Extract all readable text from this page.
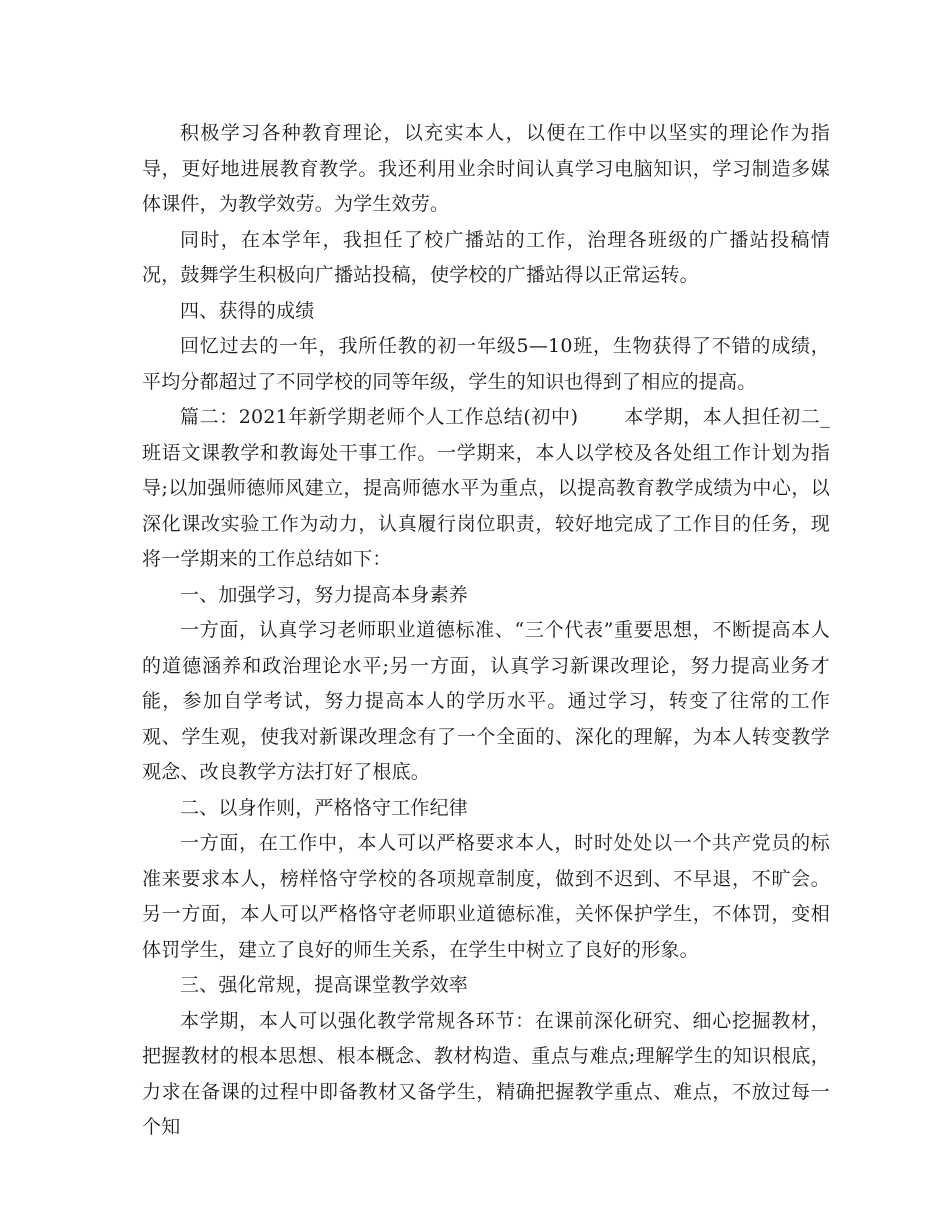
积极学习各种教育理论，以充实本人，以便在工作中以坚实的理论作为指导，更好地进展教育教学。我还利用业余时间认真学习电脑知识，学习制造多媒体课件，为教学效劳。为学生效劳。

同时，在本学年，我担任了校广播站的工作，治理各班级的广播站投稿情况，鼓舞学生积极向广播站投稿，使学校的广播站得以正常运转。

四、获得的成绩

回忆过去的一年，我所任教的初一年级5—10班，生物获得了不错的成绩，平均分都超过了不同学校的同等年级，学生的知识也得到了相应的提高。

篇二：2021年新学期老师个人工作总结(初中)　　 本学期，本人担任初二_班语文课教学和教诲处干事工作。一学期来，本人以学校及各处组工作计划为指导;以加强师德师风建立，提高师德水平为重点，以提高教育教学成绩为中心，以深化课改实验工作为动力，认真履行岗位职责，较好地完成了工作目的任务，现将一学期来的工作总结如下：

一、加强学习，努力提高本身素养

一方面，认真学习老师职业道德标准、“三个代表”重要思想，不断提高本人的道德涵养和政治理论水平;另一方面，认真学习新课改理论，努力提高业务才能，参加自学考试，努力提高本人的学历水平。通过学习，转变了往常的工作观、学生观，使我对新课改理念有了一个全面的、深化的理解，为本人转变教学观念、改良教学方法打好了根底。

二、以身作则，严格恪守工作纪律

一方面，在工作中，本人可以严格要求本人，时时处处以一个共产党员的标准来要求本人，榜样恪守学校的各项规章制度，做到不迟到、不早退，不旷会。另一方面，本人可以严格恪守老师职业道德标准，关怀保护学生，不体罚，变相体罚学生，建立了良好的师生关系，在学生中树立了良好的形象。

三、强化常规，提高课堂教学效率

本学期，本人可以强化教学常规各环节：在课前深化研究、细心挖掘教材，把握教材的根本思想、根本概念、教材构造、重点与难点;理解学生的知识根底，力求在备课的过程中即备教材又备学生，精确把握教学重点、难点，不放过每一个知
